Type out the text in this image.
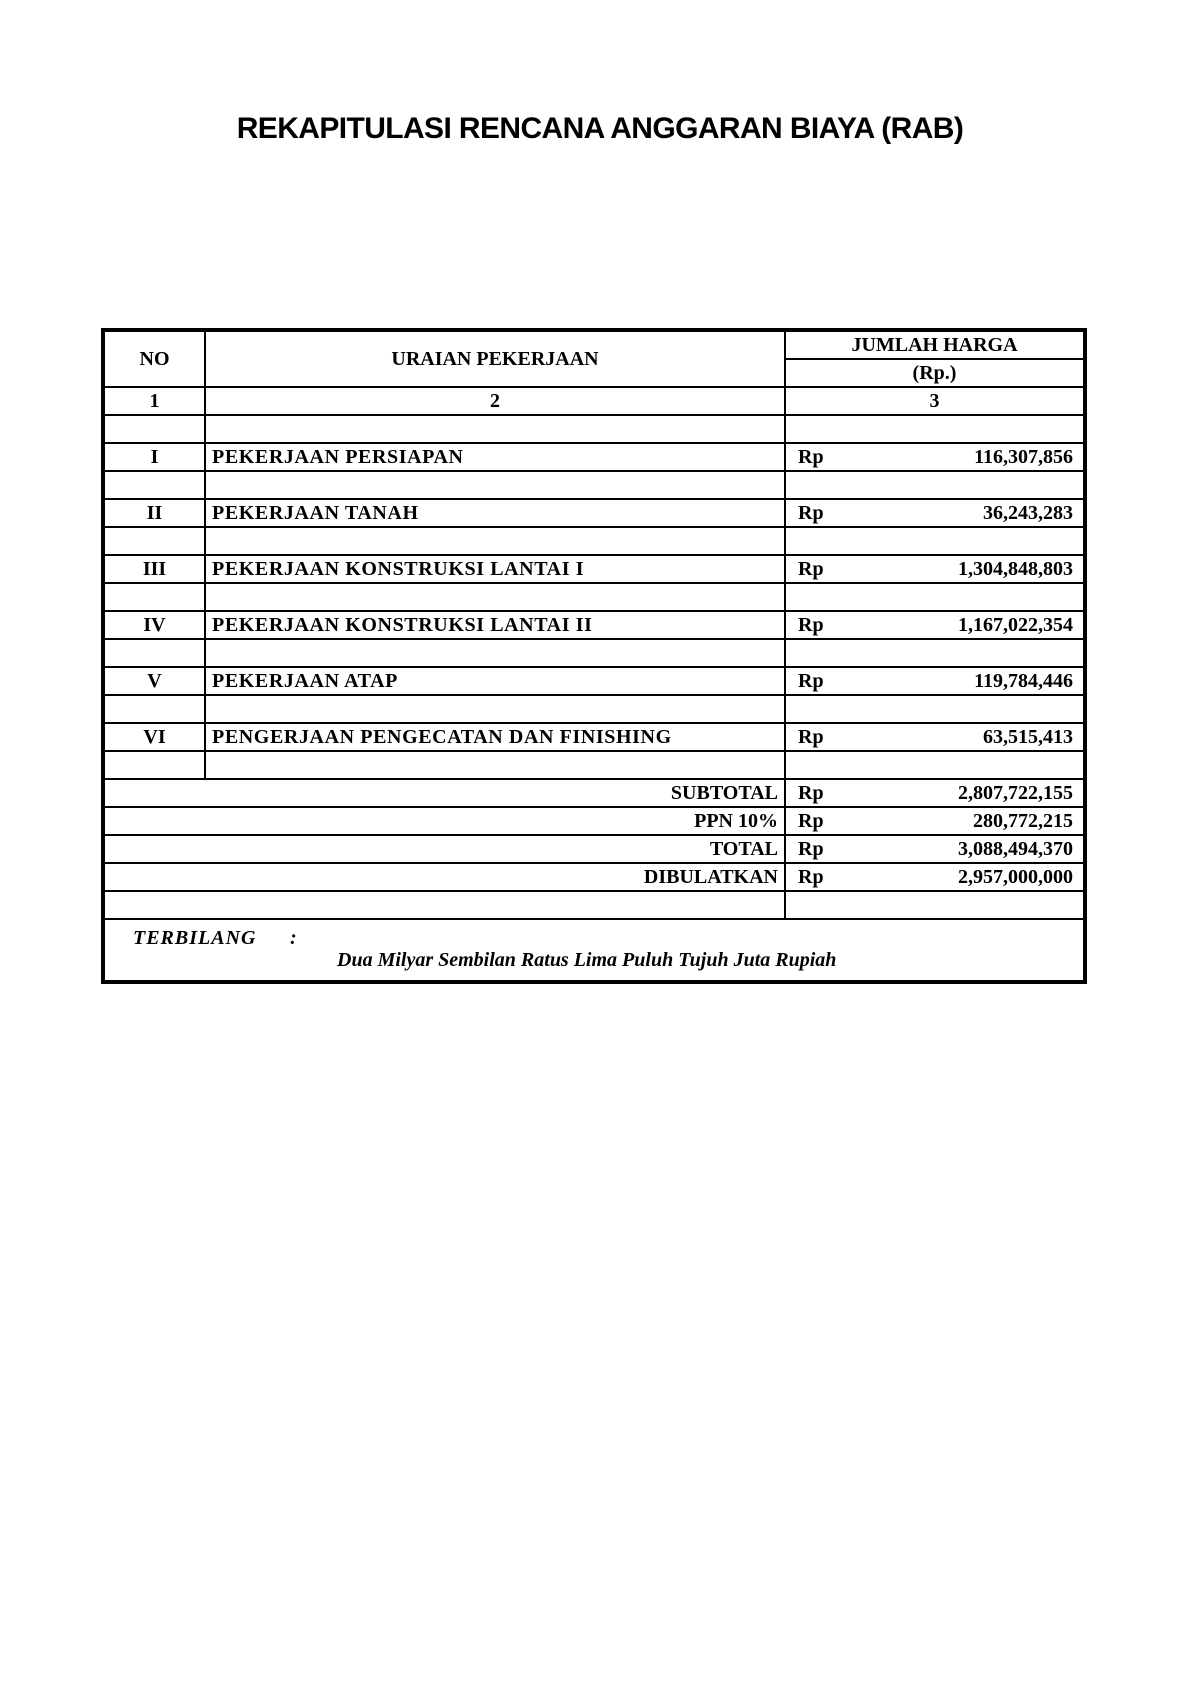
REKAPITULASI RENCANA ANGGARAN BIAYA (RAB)
NO	URAIAN PEKERJAAN	JUMLAH HARGA
		(Rp.)
1	2	3

I	PEKERJAAN PERSIAPAN	Rp 116,307,856

II	PEKERJAAN TANAH	Rp 36,243,283

III	PEKERJAAN KONSTRUKSI LANTAI I	Rp 1,304,848,803

IV	PEKERJAAN KONSTRUKSI LANTAI II	Rp 1,167,022,354

V	PEKERJAAN ATAP	Rp 119,784,446

VI	PENGERJAAN PENGECATAN DAN FINISHING	Rp 63,515,413

SUBTOTAL		Rp 2,807,722,155

PPN 10%		Rp 280,772,215

TOTAL		Rp 3,088,494,370

DIBULATKAN		Rp 2,957,000,000

TERBILANG :
Dua Milyar Sembilan Ratus Lima Puluh Tujuh Juta Rupiah		
